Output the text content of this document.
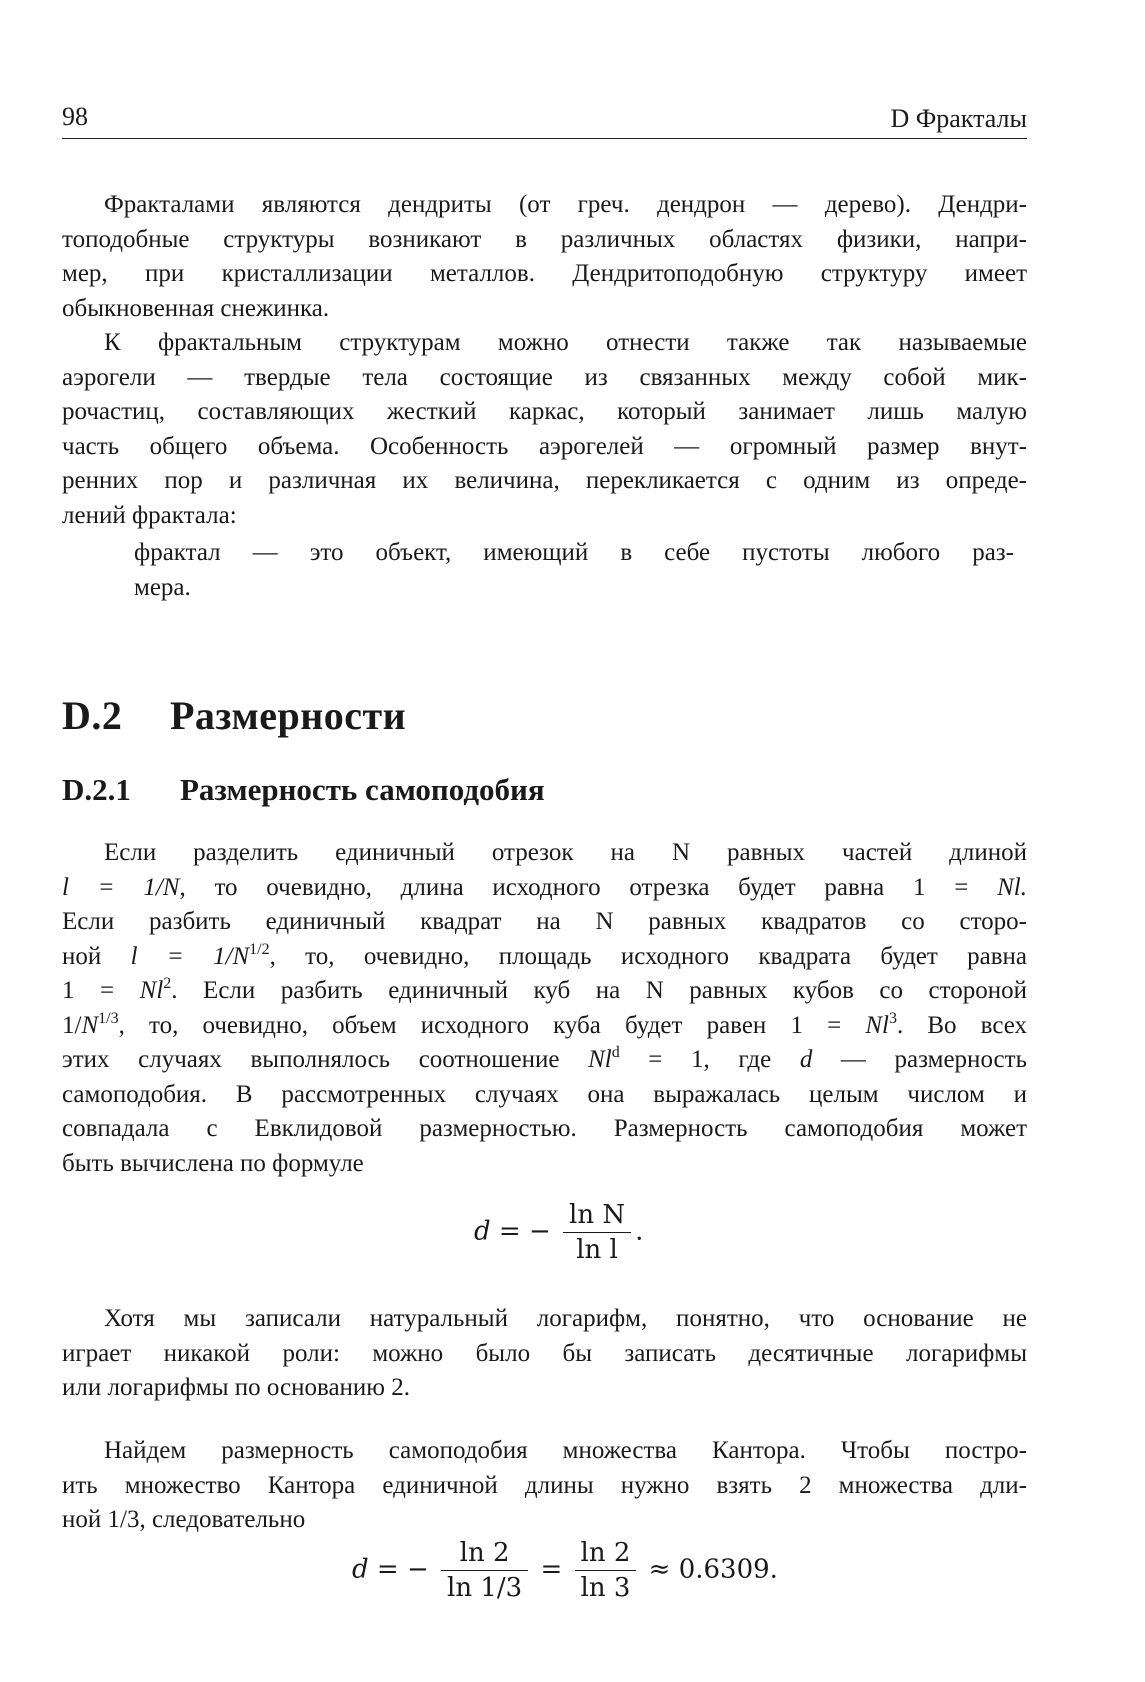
98	D Фракталы

Фракталами являются дендриты (от греч. дендрон — дерево). Дендри-
топодобные структуры возникают в различных областях физики, напри-
мер, при кристаллизации металлов. Дендритоподобную структуру имеет
обыкновенная снежинка.

К фрактальным структурам можно отнести также так называемые
аэрогели — твердые тела состоящие из связанных между собой мик-
рочастиц, составляющих жесткий каркас, который занимает лишь малую
часть общего объема. Особенность аэрогелей — огромный размер внут-
ренних пор и различная их величина, перекликается с одним из опреде-
лений фрактала:

фрактал — это объект, имеющий в себе пустоты любого раз-
мера.

D.2 Размерности
D.2.1 Размерность самоподобия

Если разделить единичный отрезок на N равных частей длиной
l = 1/N, то очевидно, длина исходного отрезка будет равна 1 = Nl.
Если разбить единичный квадрат на N равных квадратов со сторо-
ной $l = 1/N^{1/2}$, то, очевидно, площадь исходного квадрата будет равна
$1 = Nl^2$. Если разбить единичный куб на N равных кубов со стороной
$1/N^{1/3}$, то, очевидно, объем исходного куба будет равен $1 = Nl^3$. Во всех
этих случаях выполнялось соотношение $Nl^d = 1$, где d — размерность
самоподобия. В рассмотренных случаях она выражалась целым числом и
совпадала с Евклидовой размерностью. Размерность самоподобия может
быть вычислена по формуле

d = − $\frac{\text{ln N}}{\text{ln l}}$ .

Хотя мы записали натуральный логарифм, понятно, что основание не
играет никакой роли: можно было бы записать десятичные логарифмы
или логарифмы по основанию 2.

Найдем размерность самоподобия множества Кантора. Чтобы постро-
ить множество Кантора единичной длины нужно взять 2 множества дли-
ной 1/3, следовательно

d = − $\frac{\ln 2}{\ln 1/3} = \frac{\ln 2}{\ln 3} \approx 0.6309$.
